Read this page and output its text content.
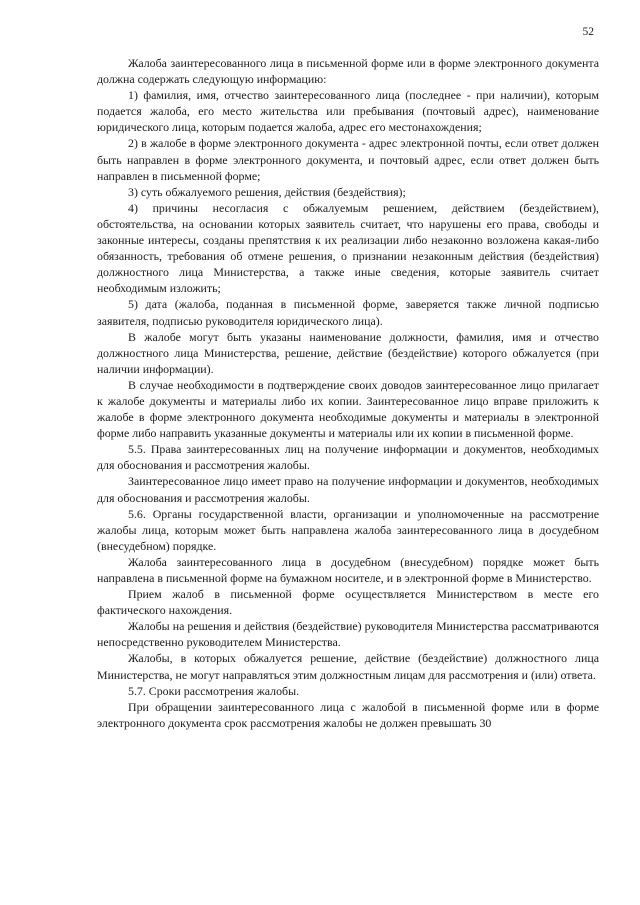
52

Жалоба заинтересованного лица в письменной форме или в форме электронного документа должна содержать следующую информацию:

1) фамилия, имя, отчество заинтересованного лица (последнее - при наличии), которым подается жалоба, его место жительства или пребывания (почтовый адрес), наименование юридического лица, которым подается жалоба, адрес его местонахождения;

2) в жалобе в форме электронного документа - адрес электронной почты, если ответ должен быть направлен в форме электронного документа, и почтовый адрес, если ответ должен быть направлен в письменной форме;

3) суть обжалуемого решения, действия (бездействия);

4) причины несогласия с обжалуемым решением, действием (бездействием), обстоятельства, на основании которых заявитель считает, что нарушены его права, свободы и законные интересы, созданы препятствия к их реализации либо незаконно возложена какая-либо обязанность, требования об отмене решения, о признании незаконным действия (бездействия) должностного лица Министерства, а также иные сведения, которые заявитель считает необходимым изложить;

5) дата (жалоба, поданная в письменной форме, заверяется также личной подписью заявителя, подписью руководителя юридического лица).

В жалобе могут быть указаны наименование должности, фамилия, имя и отчество должностного лица Министерства, решение, действие (бездействие) которого обжалуется (при наличии информации).

В случае необходимости в подтверждение своих доводов заинтересованное лицо прилагает к жалобе документы и материалы либо их копии. Заинтересованное лицо вправе приложить к жалобе в форме электронного документа необходимые документы и материалы в электронной форме либо направить указанные документы и материалы или их копии в письменной форме.

5.5. Права заинтересованных лиц на получение информации и документов, необходимых для обоснования и рассмотрения жалобы.

Заинтересованное лицо имеет право на получение информации и документов, необходимых для обоснования и рассмотрения жалобы.

5.6. Органы государственной власти, организации и уполномоченные на рассмотрение жалобы лица, которым может быть направлена жалоба заинтересованного лица в досудебном (внесудебном) порядке.

Жалоба заинтересованного лица в досудебном (внесудебном) порядке может быть направлена в письменной форме на бумажном носителе, и в электронной форме в Министерство.

Прием жалоб в письменной форме осуществляется Министерством в месте его фактического нахождения.

Жалобы на решения и действия (бездействие) руководителя Министерства рассматриваются непосредственно руководителем Министерства.

Жалобы, в которых обжалуется решение, действие (бездействие) должностного лица Министерства, не могут направляться этим должностным лицам для рассмотрения и (или) ответа.

5.7. Сроки рассмотрения жалобы.

При обращении заинтересованного лица с жалобой в письменной форме или в форме электронного документа срок рассмотрения жалобы не должен превышать 30
